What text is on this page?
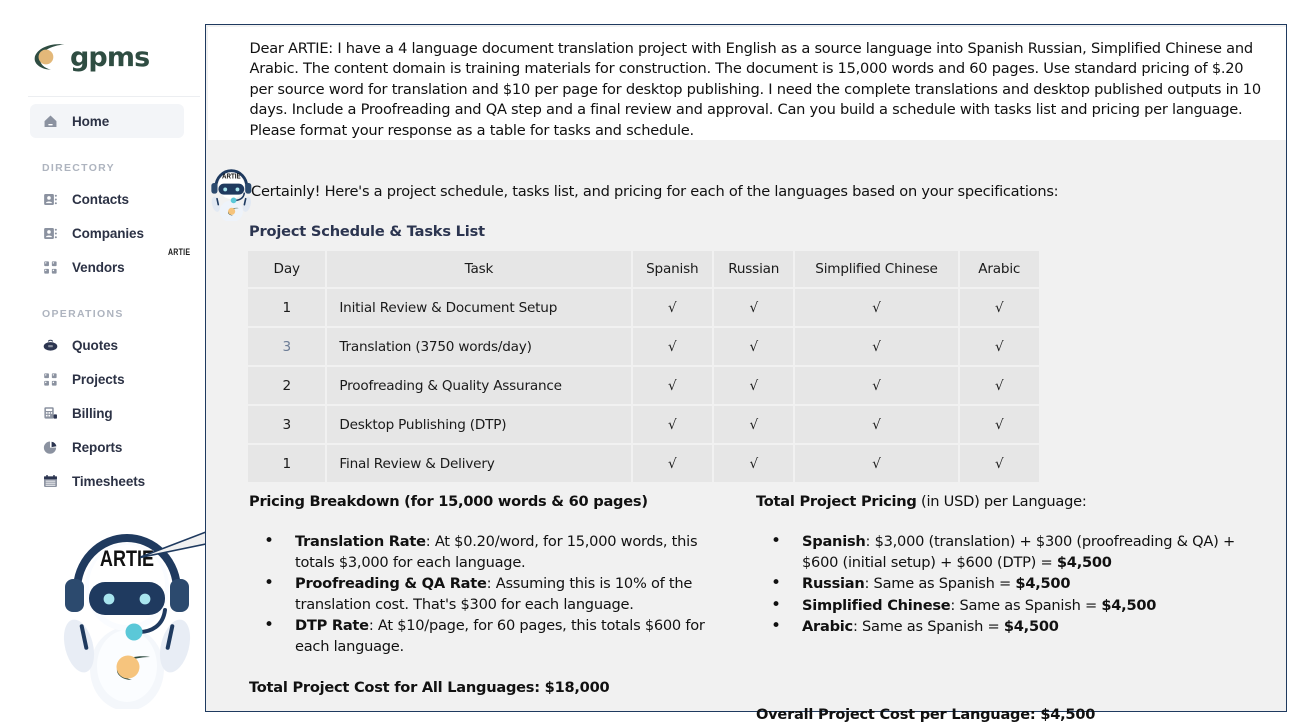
gpms
Home
DIRECTORY
Contacts
Companies
Vendors
OPERATIONS
Quotes
Projects
Billing
Reports
Timesheets
ARTIE
ARTIE

Dear ARTIE: I have a 4 language document translation project with English as a source language into Spanish Russian, Simplified Chinese and Arabic. The content domain is training materials for construction. The document is 15,000 words and 60 pages. Use standard pricing of $.20 per source word for translation and $10 per page for desktop publishing. I need the complete translations and desktop published outputs in 10 days. Include a Proofreading and QA step and a final review and approval. Can you build a schedule with tasks list and pricing per language. Please format your response as a table for tasks and schedule.

ARTIE
Certainly! Here's a project schedule, tasks list, and pricing for each of the languages based on your specifications:
Project Schedule & Tasks List
Day	Task	Spanish	Russian	Simplified Chinese	Arabic
1	Initial Review & Document Setup	√	√	√	√
3	Translation (3750 words/day)	√	√	√	√
2	Proofreading & Quality Assurance	√	√	√	√
3	Desktop Publishing (DTP)	√	√	√	√
1	Final Review & Delivery	√	√	√	√
Pricing Breakdown (for 15,000 words & 60 pages)
• Translation Rate: At $0.20/word, for 15,000 words, this totals $3,000 for each language.
• Proofreading & QA Rate: Assuming this is 10% of the translation cost. That's $300 for each language.
• DTP Rate: At $10/page, for 60 pages, this totals $600 for each language.
Total Project Cost for All Languages: $18,000
Total Project Pricing (in USD) per Language:
• Spanish: $3,000 (translation) + $300 (proofreading & QA) + $600 (initial setup) + $600 (DTP) = $4,500
• Russian: Same as Spanish = $4,500
• Simplified Chinese: Same as Spanish = $4,500
• Arabic: Same as Spanish = $4,500
Overall Project Cost per Language: $4,500
